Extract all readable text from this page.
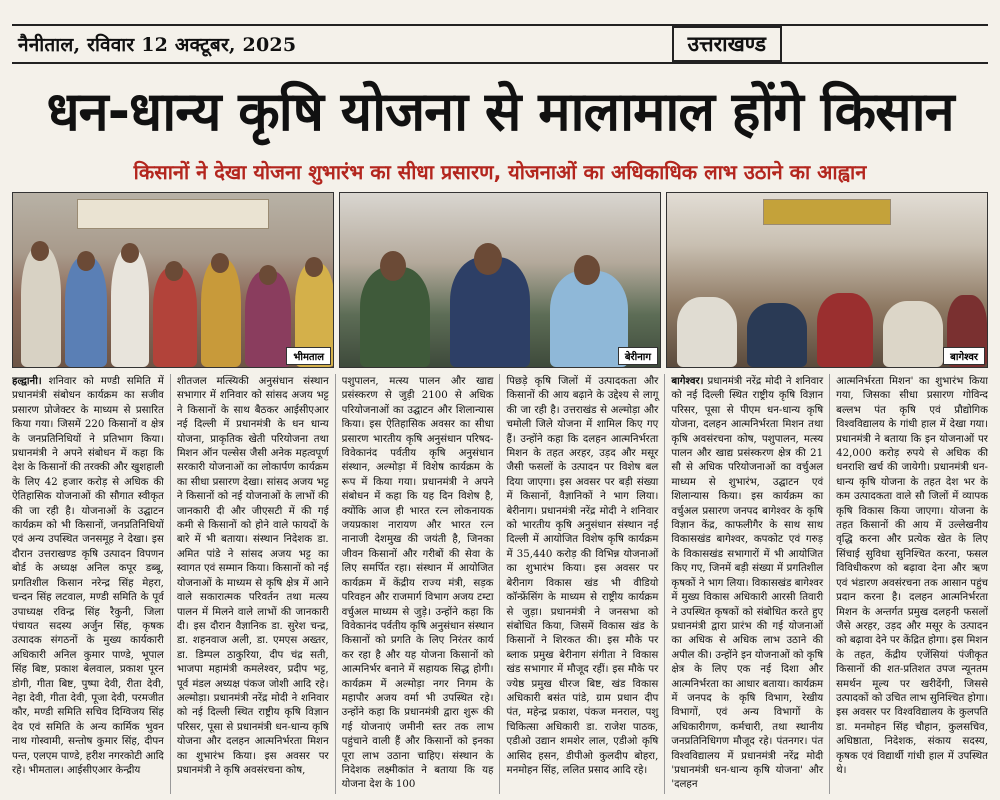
नैनीताल, रविवार 12 अक्टूबर, 2025	उत्तराखण्ड
धन-धान्य कृषि योजना से मालामाल होंगे किसान
किसानों ने देखा योजना शुभारंभ का सीधा प्रसारण, योजनाओं का अधिकाधिक लाभ उठाने का आह्वान
भीमताल	बेरीनाग	बागेश्वर

हल्द्वानी। शनिवार को मण्डी समिति में प्रधानमंत्री संबोधन कार्यक्रम का सजीव प्रसारण प्रोजेक्टर के माध्यम से प्रसारित किया गया। जिसमें 220 किसानों व क्षेत्र के जनप्रतिनिधियों ने प्रतिभाग किया। प्रधानमंत्री ने अपने संबोधन में कहा कि देश के किसानों की तरक्की और खुशहाली के लिए 42 हजार करोड़ से अधिक की ऐतिहासिक योजनाओं की सौगात स्वीकृत की जा रही है। योजनाओं के उद्घाटन कार्यक्रम को भी किसानों, जनप्रतिनिधियों एवं अन्य उपस्थित जनसमूह ने देखा। इस दौरान उत्तराखण्ड कृषि उत्पादन विपणन बोर्ड के अध्यक्ष अनिल कपूर डब्बू, प्रगतिशील किसान नरेन्द्र सिंह मेहरा, चन्दन सिंह लटवाल, मण्डी समिति के पूर्व उपाध्यक्ष रविन्द्र सिंह रैकुनी, जिला पंचायत सदस्य अर्जुन सिंह, कृषक उत्पादक संगठनों के मुख्य कार्यकारी अधिकारी अनिल कुमार पाण्डे, भूपाल सिंह बिष्ट, प्रकाश बेलवाल, प्रकाश पूरन डोगी, गीता बिष्ट, पुष्पा देवी, रीता देवी, नेहा देवी, गीता देवी, पूजा देवी, परमजीत कौर, मण्डी समिति सचिव दिग्विजय सिंह देव एवं समिति के अन्य कार्मिक भुवन नाथ गोस्वामी, सन्तोष कुमार सिंह, दीपन पन्त, एलएम पाण्डे, हरीश नगरकोटी आदि रहे। भीमताल। आईसीएआर केन्द्रीय

शीतजल मत्स्यिकी अनुसंधान संस्थान सभागार में शनिवार को सांसद अजय भट्ट ने किसानों के साथ बैठकर आईसीएआर नई दिल्ली में प्रधानमंत्री के धन धान्य योजना, प्राकृतिक खेती परियोजना तथा मिशन ऑन पल्सेस जैसी अनेक महत्वपूर्ण सरकारी योजनाओं का लोकार्पण कार्यक्रम का सीधा प्रसारण देखा। सांसद अजय भट्ट ने किसानों को नई योजनाओं के लाभों की जानकारी दी और जीएसटी में की गई कमी से किसानों को होने वाले फायदों के बारे में भी बताया। संस्थान निदेशक डा. अमित पांडे ने सांसद अजय भट्ट का स्वागत एवं सम्मान किया। किसानों को नई योजनाओं के माध्यम से कृषि क्षेत्र में आने वाले सकारात्मक परिवर्तन तथा मत्स्य पालन में मिलने वाले लाभों की जानकारी दी। इस दौरान वैज्ञानिक डा. सुरेश चन्द्र, डा. शहनवाज अली, डा. एमएस अख्तर, डा. डिम्पल ठाकुरिया, दीप चंद्र सती, भाजपा महामंत्री कमलेश्वर, प्रदीप भट्ट, पूर्व मंडल अध्यक्ष पंकज जोशी आदि रहे। अल्मोड़ा। प्रधानमंत्री नरेंद्र मोदी ने शनिवार को नई दिल्ली स्थित राष्ट्रीय कृषि विज्ञान परिसर, पूसा से प्रधानमंत्री धन-धान्य कृषि योजना और दलहन आत्मनिर्भरता मिशन का शुभारंभ किया। इस अवसर पर प्रधानमंत्री ने कृषि अवसंरचना कोष,

पशुपालन, मत्स्य पालन और खाद्य प्रसंस्करण से जुड़ी 2100 से अधिक परियोजनाओं का उद्घाटन और शिलान्यास किया। इस ऐतिहासिक अवसर का सीधा प्रसारण भारतीय कृषि अनुसंधान परिषद-विवेकानंद पर्वतीय कृषि अनुसंधान संस्थान, अल्मोड़ा में विशेष कार्यक्रम के रूप में किया गया। प्रधानमंत्री ने अपने संबोधन में कहा कि यह दिन विशेष है, क्योंकि आज ही भारत रत्न लोकनायक जयप्रकाश नारायण और भारत रत्न नानाजी देशमुख की जयंती है, जिनका जीवन किसानों और गरीबों की सेवा के लिए समर्पित रहा। संस्थान में आयोजित कार्यक्रम में केंद्रीय राज्य मंत्री, सड़क परिवहन और राजमार्ग विभाग अजय टम्टा वर्चुअल माध्यम से जुड़े। उन्होंने कहा कि विवेकानंद पर्वतीय कृषि अनुसंधान संस्थान किसानों को प्रगति के लिए निरंतर कार्य कर रहा है और यह योजना किसानों को आत्मनिर्भर बनाने में सहायक सिद्ध होगी। कार्यक्रम में अल्मोड़ा नगर निगम के महापौर अजय वर्मा भी उपस्थित रहे। उन्होंने कहा कि प्रधानमंत्री द्वारा शुरू की गई योजनाएं जमीनी स्तर तक लाभ पहुंचाने वाली हैं और किसानों को इनका पूरा लाभ उठाना चाहिए। संस्थान के निदेशक लक्ष्मीकांत ने बताया कि यह योजना देश के 100

पिछड़े कृषि जिलों में उत्पादकता और किसानों की आय बढ़ाने के उद्देश्य से लागू की जा रही है। उत्तराखंड से अल्मोड़ा और चमोली जिले योजना में शामिल किए गए हैं। उन्होंने कहा कि दलहन आत्मनिर्भरता मिशन के तहत अरहर, उड़द और मसूर जैसी फसलों के उत्पादन पर विशेष बल दिया जाएगा। इस अवसर पर बड़ी संख्या में किसानों, वैज्ञानिकों ने भाग लिया। बेरीनाग। प्रधानमंत्री नरेंद्र मोदी ने शनिवार को भारतीय कृषि अनुसंधान संस्थान नई दिल्ली में आयोजित विशेष कृषि कार्यक्रम में 35,440 करोड़ की विभिन्न योजनाओं का शुभारंभ किया। इस अवसर पर बेरीनाग विकास खंड भी वीडियो कॉन्फ्रेंसिंग के माध्यम से राष्ट्रीय कार्यक्रम से जुड़ा। प्रधानमंत्री ने जनसभा को संबोधित किया, जिसमें विकास खंड के किसानों ने शिरकत की। इस मौके पर ब्लाक प्रमुख बेरीनाग संगीता ने विकास खंड सभागार में मौजूद रहीं। इस मौके पर ज्येष्ठ प्रमुख धीरज बिष्ट, खंड विकास अधिकारी बसंत पांडे, ग्राम प्रधान दीप पंत, महेन्द्र प्रकाश, पंकज मनराल, पशु चिकित्सा अधिकारी डा. राजेश पाठक, एडीओ उद्यान शमशेर लाल, एडीओ कृषि आसिद हसन, डीपीओ कुलदीप बोहरा, मनमोहन सिंह, ललित प्रसाद आदि रहे।

बागेश्वर। प्रधानमंत्री नरेंद्र मोदी ने शनिवार को नई दिल्ली स्थित राष्ट्रीय कृषि विज्ञान परिसर, पूसा से पीएम धन-धान्य कृषि योजना, दलहन आत्मनिर्भरता मिशन तथा कृषि अवसंरचना कोष, पशुपालन, मत्स्य पालन और खाद्य प्रसंस्करण क्षेत्र की 21 सौ से अधिक परियोजनाओं का वर्चुअल माध्यम से शुभारंभ, उद्घाटन एवं शिलान्यास किया। इस कार्यक्रम का वर्चुअल प्रसारण जनपद बागेश्वर के कृषि विज्ञान केंद्र, काफलीगैर के साथ साथ विकासखंड बागेश्वर, कपकोट एवं गरुड़ के विकासखंड सभागारों में भी आयोजित किए गए, जिनमें बड़ी संख्या में प्रगतिशील कृषकों ने भाग लिया। विकासखंड बागेश्वर में मुख्य विकास अधिकारी आरसी तिवारी ने उपस्थित कृषकों को संबोधित करते हुए प्रधानमंत्री द्वारा प्रारंभ की गई योजनाओं का अधिक से अधिक लाभ उठाने की अपील की। उन्होंने इन योजनाओं को कृषि क्षेत्र के लिए एक नई दिशा और आत्मनिर्भरता का आधार बताया। कार्यक्रम में जनपद के कृषि विभाग, रेखीय विभागों, एवं अन्य विभागों के अधिकारीगण, कर्मचारी, तथा स्थानीय जनप्रतिनिधिगण मौजूद रहे। पंतनगर। पंत विश्वविद्यालय में प्रधानमंत्री नरेंद्र मोदी 'प्रधानमंत्री धन-धान्य कृषि योजना' और 'दलहन

आत्मनिर्भरता मिशन' का शुभारंभ किया गया, जिसका सीधा प्रसारण गोविन्द बल्लभ पंत कृषि एवं प्रौद्योगिक विश्वविद्यालय के गांधी हाल में देखा गया। प्रधानमंत्री ने बताया कि इन योजनाओं पर 42,000 करोड़ रुपये से अधिक की धनराशि खर्च की जायेगी। प्रधानमंत्री धन-धान्य कृषि योजना के तहत देश भर के कम उत्पादकता वाले सौ जिलों में व्यापक कृषि विकास किया जाएगा। योजना के तहत किसानों की आय में उल्लेखनीय वृद्धि करना और प्रत्येक खेत के लिए सिंचाई सुविधा सुनिश्चित करना, फसल विविधीकरण को बढ़ावा देना और ऋण एवं भंडारण अवसंरचना तक आसान पहुंच प्रदान करना है। दलहन आत्मनिर्भरता मिशन के अन्तर्गत प्रमुख दलहनी फसलों जैसे अरहर, उड़द और मसूर के उत्पादन को बढ़ावा देने पर केंद्रित होगा। इस मिशन के तहत, केंद्रीय एजेंसियां पंजीकृत किसानों की शत-प्रतिशत उपज न्यूनतम समर्थन मूल्य पर खरीदेंगी, जिससे उत्पादकों को उचित लाभ सुनिश्चित होगा। इस अवसर पर विश्वविद्यालय के कुलपति डा. मनमोहन सिंह चौहान, कुलसचिव, अधिष्ठाता, निदेशक, संकाय सदस्य, कृषक एवं विद्यार्थी गांधी हाल में उपस्थित थे।
